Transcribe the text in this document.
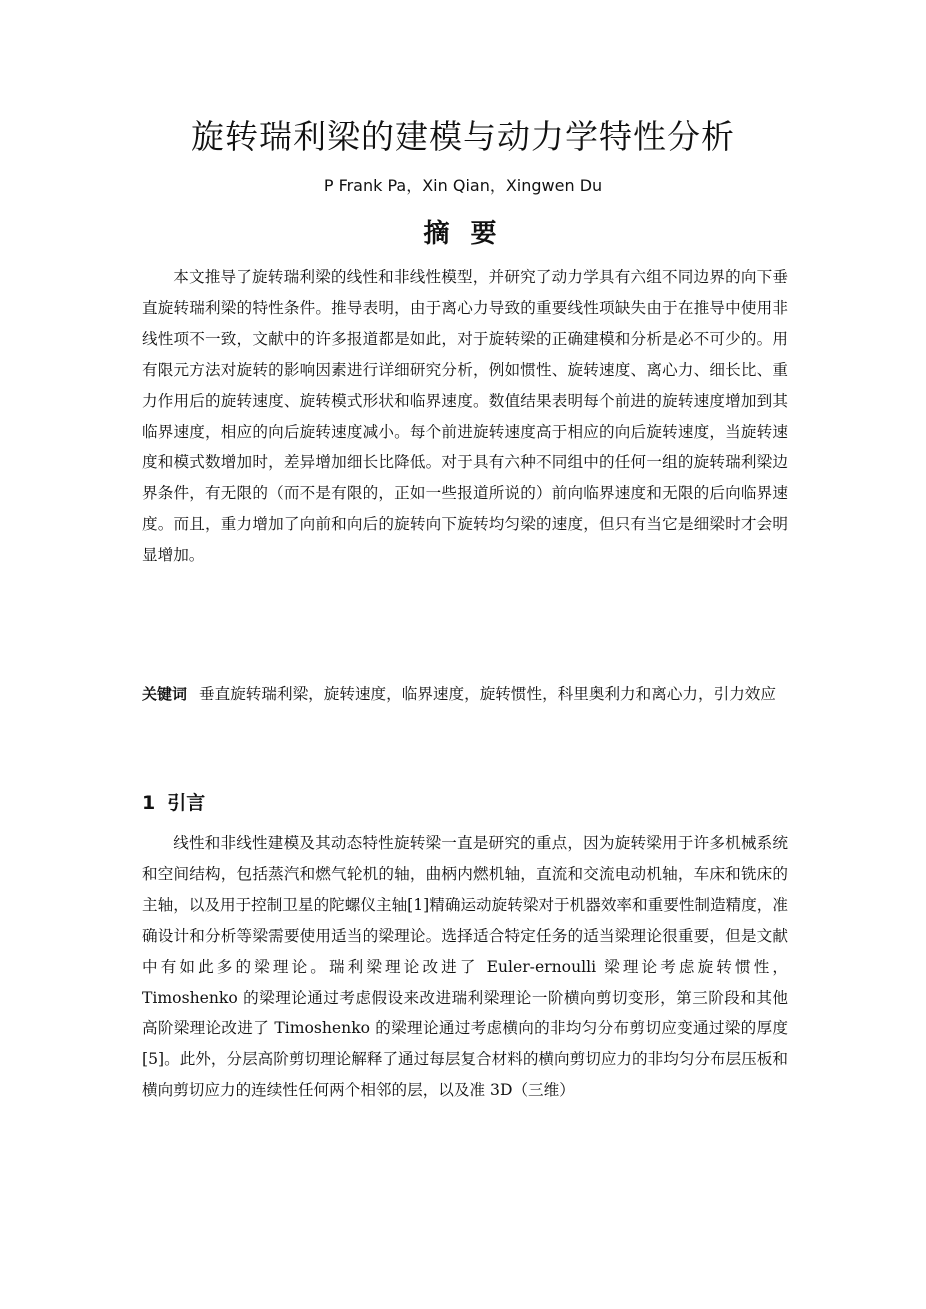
旋转瑞利梁的建模与动力学特性分析

P Frank Pa，Xin Qian，Xingwen Du

摘 要

本文推导了旋转瑞利梁的线性和非线性模型，并研究了动力学具有六组不同边界的向下垂直旋转瑞利梁的特性条件。推导表明，由于离心力导致的重要线性项缺失由于在推导中使用非线性项不一致，文献中的许多报道都是如此，对于旋转梁的正确建模和分析是必不可少的。用有限元方法对旋转的影响因素进行详细研究分析，例如惯性、旋转速度、离心力、细长比、重力作用后的旋转速度、旋转模式形状和临界速度。数值结果表明每个前进的旋转速度增加到其临界速度，相应的向后旋转速度减小。每个前进旋转速度高于相应的向后旋转速度，当旋转速度和模式数增加时，差异增加细长比降低。对于具有六种不同组中的任何一组的旋转瑞利梁边界条件，有无限的（而不是有限的，正如一些报道所说的）前向临界速度和无限的后向临界速度。而且，重力增加了向前和向后的旋转向下旋转均匀梁的速度，但只有当它是细梁时才会明显增加。

关键词 垂直旋转瑞利梁，旋转速度，临界速度，旋转惯性，科里奥利力和离心力，引力效应

1 引言

线性和非线性建模及其动态特性旋转梁一直是研究的重点，因为旋转梁用于许多机械系统和空间结构，包括蒸汽和燃气轮机的轴，曲柄内燃机轴，直流和交流电动机轴，车床和铣床的主轴，以及用于控制卫星的陀螺仪主轴[1]精确运动旋转梁对于机器效率和重要性制造精度，准确设计和分析等梁需要使用适当的梁理论。选择适合特定任务的适当梁理论很重要，但是文献中有如此多的梁理论。瑞利梁理论改进了 Euler-ernoulli 梁理论考虑旋转惯性，Timoshenko 的梁理论通过考虑假设来改进瑞利梁理论一阶横向剪切变形，第三阶段和其他高阶梁理论改进了 Timoshenko 的梁理论通过考虑横向的非均匀分布剪切应变通过梁的厚度[5]。此外，分层高阶剪切理论解释了通过每层复合材料的横向剪切应力的非均匀分布层压板和横向剪切应力的连续性任何两个相邻的层，以及准 3D（三维）
